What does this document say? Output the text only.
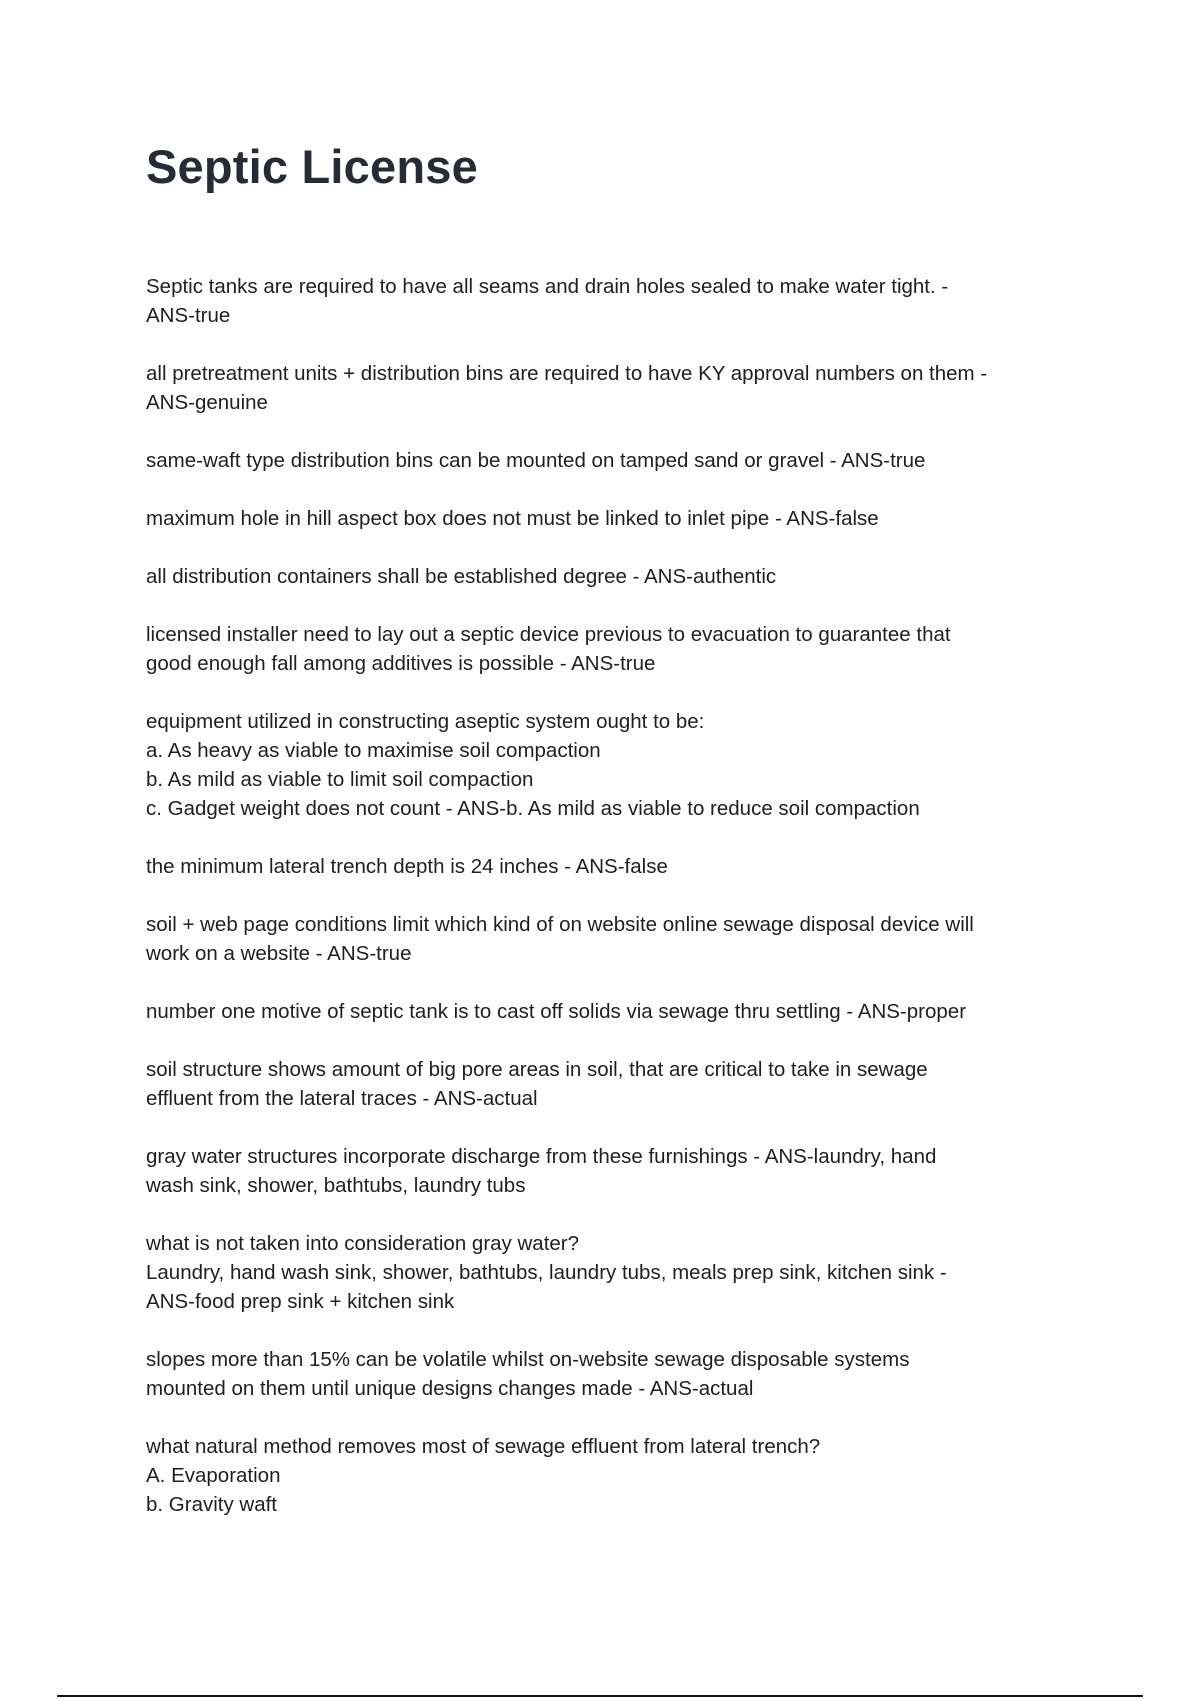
Septic License
Septic tanks are required to have all seams and drain holes sealed to make water tight. -
ANS-true
all pretreatment units + distribution bins are required to have KY approval numbers on them -
ANS-genuine
same-waft type distribution bins can be mounted on tamped sand or gravel - ANS-true
maximum hole in hill aspect box does not must be linked to inlet pipe - ANS-false
all distribution containers shall be established degree - ANS-authentic
licensed installer need to lay out a septic device previous to evacuation to guarantee that
good enough fall among additives is possible - ANS-true
equipment utilized in constructing aseptic system ought to be:
a. As heavy as viable to maximise soil compaction
b. As mild as viable to limit soil compaction
c. Gadget weight does not count - ANS-b. As mild as viable to reduce soil compaction
the minimum lateral trench depth is 24 inches - ANS-false
soil + web page conditions limit which kind of on website online sewage disposal device will
work on a website - ANS-true
number one motive of septic tank is to cast off solids via sewage thru settling - ANS-proper
soil structure shows amount of big pore areas in soil, that are critical to take in sewage
effluent from the lateral traces - ANS-actual
gray water structures incorporate discharge from these furnishings - ANS-laundry, hand
wash sink, shower, bathtubs, laundry tubs
what is not taken into consideration gray water?
Laundry, hand wash sink, shower, bathtubs, laundry tubs, meals prep sink, kitchen sink -
ANS-food prep sink + kitchen sink
slopes more than 15% can be volatile whilst on-website sewage disposable systems
mounted on them until unique designs changes made - ANS-actual
what natural method removes most of sewage effluent from lateral trench?
A. Evaporation
b. Gravity waft
